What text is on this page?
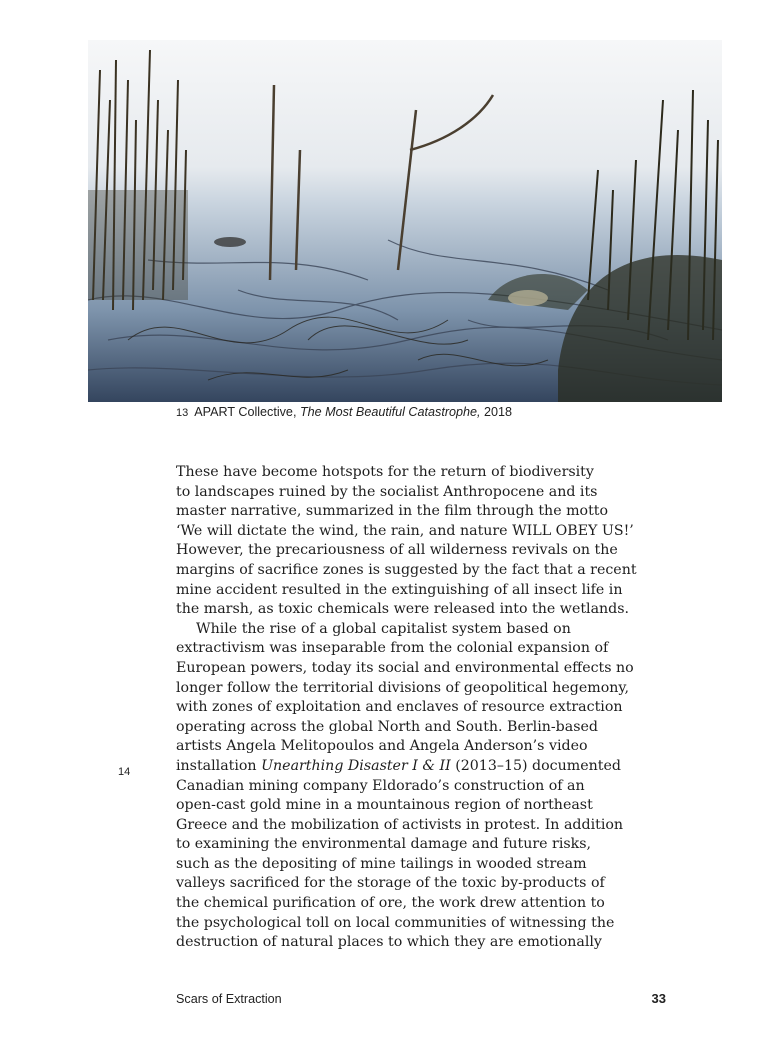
13 APART Collective, The Most Beautiful Catastrophe, 2018
These have become hotspots for the return of biodiversity
to landscapes ruined by the socialist Anthropocene and its
master narrative, summarized in the film through the motto
‘We will dictate the wind, the rain, and nature WILL OBEY US!’
However, the precariousness of all wilderness revivals on the
margins of sacrifice zones is suggested by the fact that a recent
mine accident resulted in the extinguishing of all insect life in
the marsh, as toxic chemicals were released into the wetlands.
While the rise of a global capitalist system based on
extractivism was inseparable from the colonial expansion of
European powers, today its social and environmental effects no
longer follow the territorial divisions of geopolitical hegemony,
with zones of exploitation and enclaves of resource extraction
operating across the global North and South. Berlin-based
artists Angela Melitopoulos and Angela Anderson’s video
installation Unearthing Disaster I & II (2013–15) documented
Canadian mining company Eldorado’s construction of an
open-cast gold mine in a mountainous region of northeast
Greece and the mobilization of activists in protest. In addition
to examining the environmental damage and future risks,
such as the depositing of mine tailings in wooded stream
valleys sacrificed for the storage of the toxic by-products of
the chemical purification of ore, the work drew attention to
the psychological toll on local communities of witnessing the
destruction of natural places to which they are emotionally
14
Scars of Extraction	33
